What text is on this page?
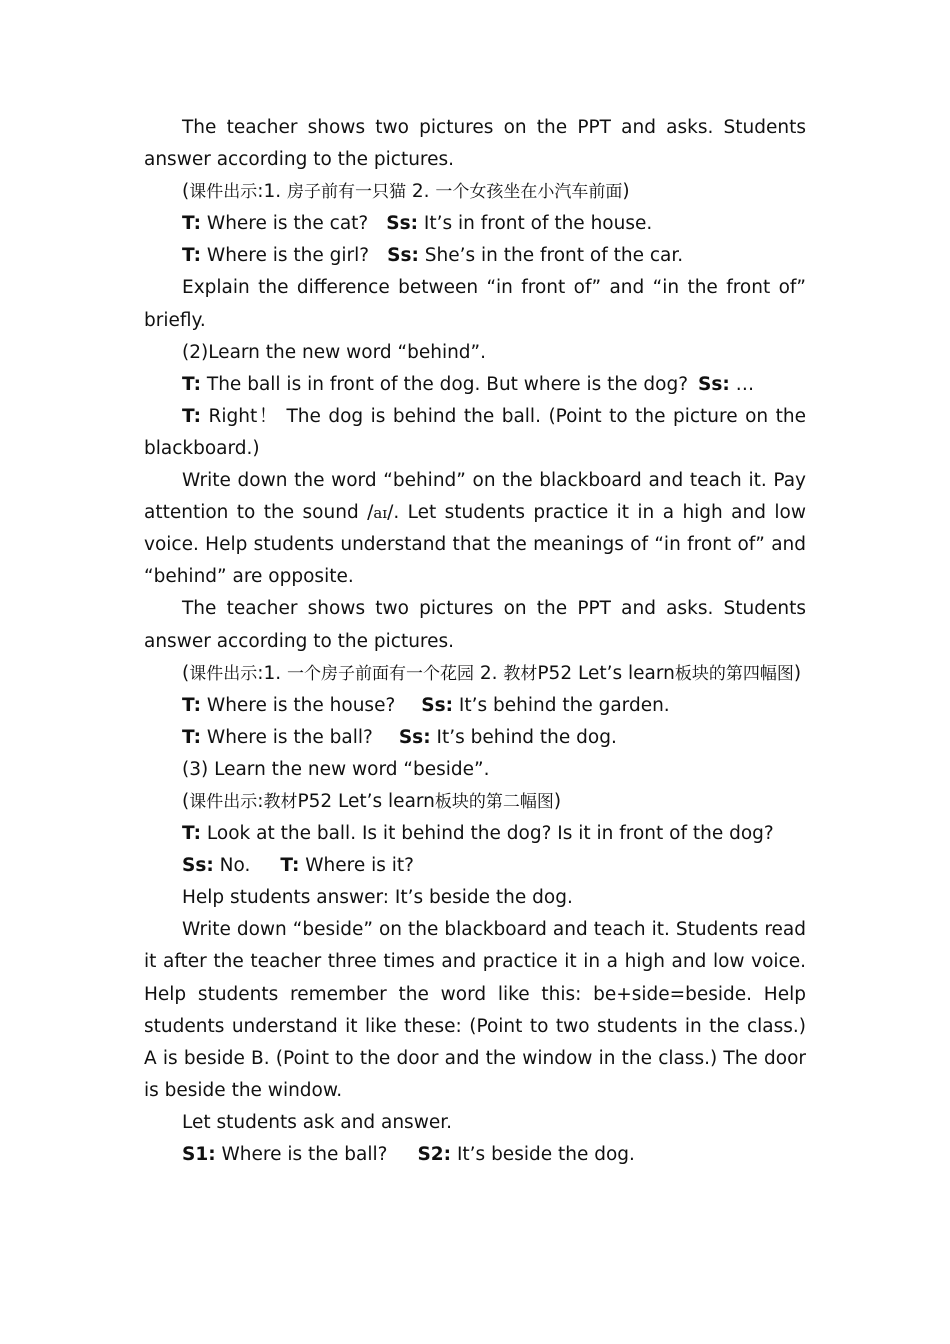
The teacher shows two pictures on the PPT and asks. Students answer according to the pictures.

(课件出示:1. 房子前有一只猫 2. 一个女孩坐在小汽车前面)

T: Where is the cat? Ss: It’s in front of the house.

T: Where is the girl? Ss: She’s in the front of the car.

Explain the difference between “in front of” and “in the front of” briefly.

(2)Learn the new word “behind”.

T: The ball is in front of the dog. But where is the dog? Ss: …

T: Right！ The dog is behind the ball. (Point to the picture on the blackboard.)

Write down the word “behind” on the blackboard and teach it. Pay attention to the sound /aɪ/. Let students practice it in a high and low voice. Help students understand that the meanings of “in front of” and “behind” are opposite.

The teacher shows two pictures on the PPT and asks. Students answer according to the pictures.

(课件出示:1. 一个房子前面有一个花园 2. 教材P52 Let’s learn板块的第四幅图)

T: Where is the house? Ss: It’s behind the garden.

T: Where is the ball? Ss: It’s behind the dog.

(3) Learn the new word “beside”.

(课件出示:教材P52 Let’s learn板块的第二幅图)

T: Look at the ball. Is it behind the dog? Is it in front of the dog?

Ss: No. T: Where is it?

Help students answer: It’s beside the dog.

Write down “beside” on the blackboard and teach it. Students read it after the teacher three times and practice it in a high and low voice. Help students remember the word like this: be+side=beside. Help students understand it like these: (Point to two students in the class.) A is beside B. (Point to the door and the window in the class.) The door is beside the window.

Let students ask and answer.

S1: Where is the ball? S2: It’s beside the dog.
